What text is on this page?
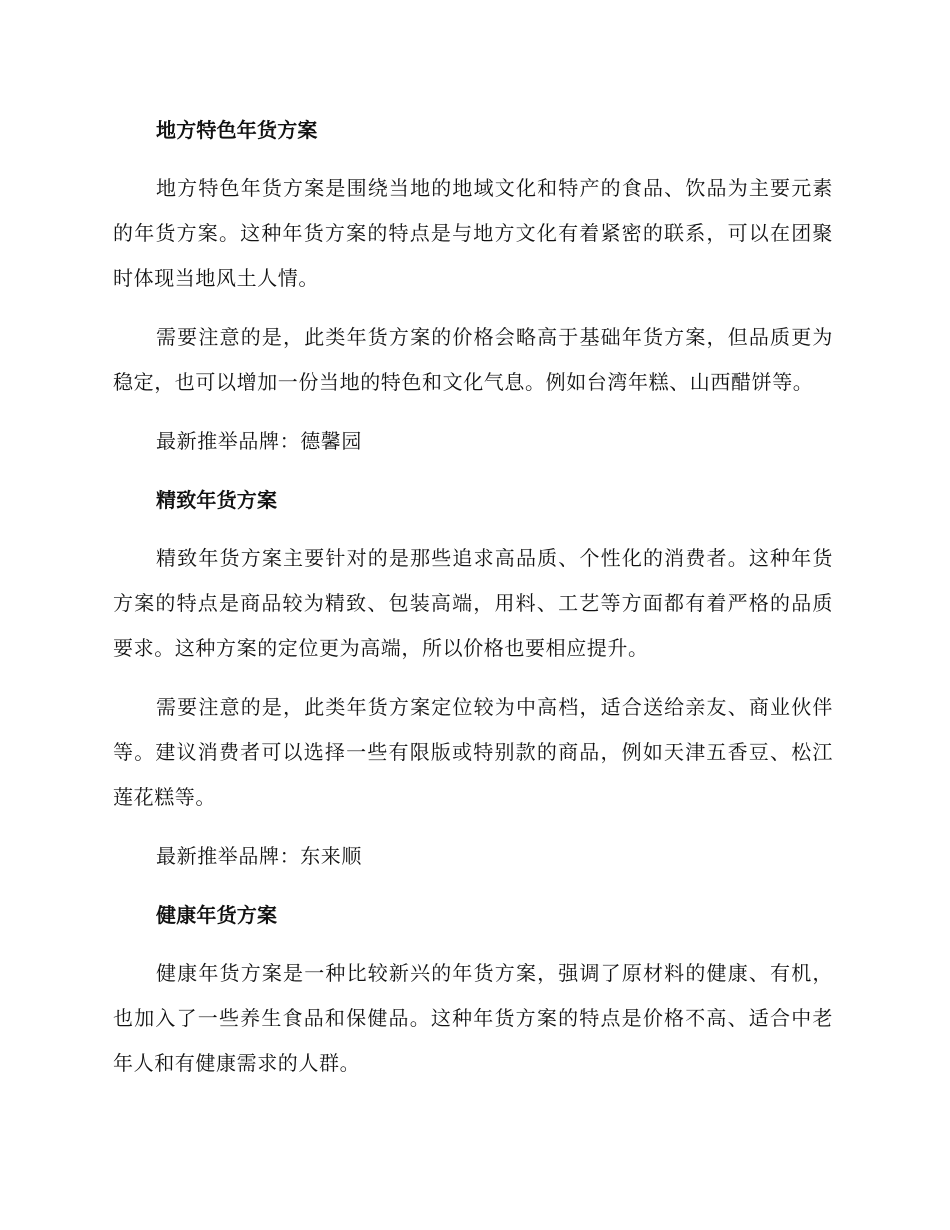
地方特色年货方案

地方特色年货方案是围绕当地的地域文化和特产的食品、饮品为主要元素的年货方案。这种年货方案的特点是与地方文化有着紧密的联系，可以在团聚时体现当地风土人情。

需要注意的是，此类年货方案的价格会略高于基础年货方案，但品质更为稳定，也可以增加一份当地的特色和文化气息。例如台湾年糕、山西醋饼等。

最新推举品牌：德馨园

精致年货方案

精致年货方案主要针对的是那些追求高品质、个性化的消费者。这种年货方案的特点是商品较为精致、包装高端，用料、工艺等方面都有着严格的品质要求。这种方案的定位更为高端，所以价格也要相应提升。

需要注意的是，此类年货方案定位较为中高档，适合送给亲友、商业伙伴等。建议消费者可以选择一些有限版或特别款的商品，例如天津五香豆、松江莲花糕等。

最新推举品牌：东来顺

健康年货方案

健康年货方案是一种比较新兴的年货方案，强调了原材料的健康、有机，也加入了一些养生食品和保健品。这种年货方案的特点是价格不高、适合中老年人和有健康需求的人群。
